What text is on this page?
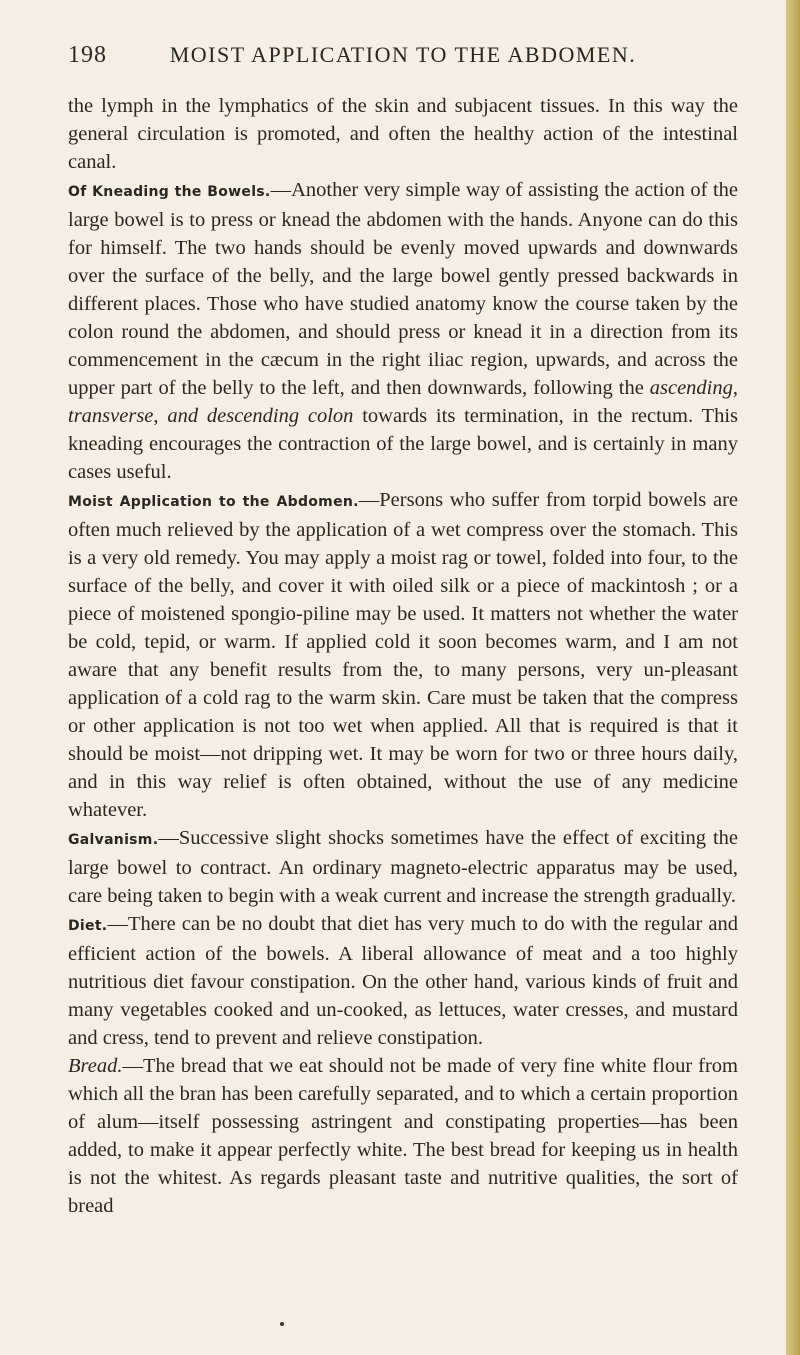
198	MOIST APPLICATION TO THE ABDOMEN.

the lymph in the lymphatics of the skin and subjacent tissues. In this way the general circulation is promoted, and often the healthy action of the intestinal canal.

Of Kneading the Bowels.—Another very simple way of assisting the action of the large bowel is to press or knead the abdomen with the hands. Anyone can do this for himself. The two hands should be evenly moved upwards and downwards over the surface of the belly, and the large bowel gently pressed backwards in different places. Those who have studied anatomy know the course taken by the colon round the abdomen, and should press or knead it in a direction from its commencement in the cæcum in the right iliac region, upwards, and across the upper part of the belly to the left, and then downwards, following the ascending, transverse, and descending colon towards its termination, in the rectum. This kneading encourages the contraction of the large bowel, and is certainly in many cases useful.

Moist Application to the Abdomen.—Persons who suffer from torpid bowels are often much relieved by the application of a wet compress over the stomach. This is a very old remedy. You may apply a moist rag or towel, folded into four, to the surface of the belly, and cover it with oiled silk or a piece of mackintosh ; or a piece of moistened spongio-piline may be used. It matters not whether the water be cold, tepid, or warm. If applied cold it soon becomes warm, and I am not aware that any benefit results from the, to many persons, very un-pleasant application of a cold rag to the warm skin. Care must be taken that the compress or other application is not too wet when applied. All that is required is that it should be moist—not dripping wet. It may be worn for two or three hours daily, and in this way relief is often obtained, without the use of any medicine whatever.

Galvanism.—Successive slight shocks sometimes have the effect of exciting the large bowel to contract. An ordinary magneto-electric apparatus may be used, care being taken to begin with a weak current and increase the strength gradually.

Diet.—There can be no doubt that diet has very much to do with the regular and efficient action of the bowels. A liberal allowance of meat and a too highly nutritious diet favour constipation. On the other hand, various kinds of fruit and many vegetables cooked and un-cooked, as lettuces, water cresses, and mustard and cress, tend to prevent and relieve constipation.

Bread.—The bread that we eat should not be made of very fine white flour from which all the bran has been carefully separated, and to which a certain proportion of alum—itself possessing astringent and constipating properties—has been added, to make it appear perfectly white. The best bread for keeping us in health is not the whitest. As regards pleasant taste and nutritive qualities, the sort of bread
